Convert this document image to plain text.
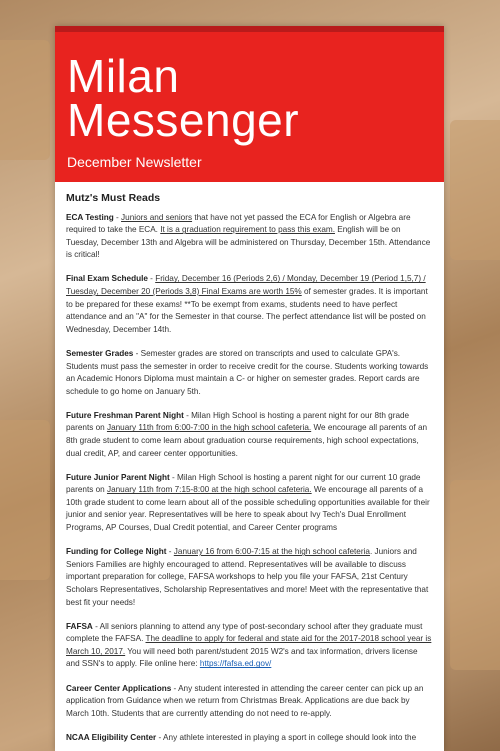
Milan
Messenger
December Newsletter
Mutz's Must Reads

ECA Testing - Juniors and seniors that have not yet passed the ECA for English or Algebra are required to take the ECA. It is a graduation requirement to pass this exam. English will be on Tuesday, December 13th and Algebra will be administered on Thursday, December 15th. Attendance is critical!

Final Exam Schedule - Friday, December 16 (Periods 2,6) / Monday, December 19 (Period 1,5,7) / Tuesday, December 20 (Periods 3,8) Final Exams are worth 15% of semester grades. It is important to be prepared for these exams! **To be exempt from exams, students need to have perfect attendance and an "A" for the Semester in that course. The perfect attendance list will be posted on Wednesday, December 14th.

Semester Grades - Semester grades are stored on transcripts and used to calculate GPA's. Students must pass the semester in order to receive credit for the course. Students working towards an Academic Honors Diploma must maintain a C- or higher on semester grades. Report cards are schedule to go home on January 5th.

Future Freshman Parent Night - Milan High School is hosting a parent night for our 8th grade parents on January 11th from 6:00-7:00 in the high school cafeteria. We encourage all parents of an 8th grade student to come learn about graduation course requirements, high school expectations, dual credit, AP, and career center opportunities.

Future Junior Parent Night - Milan High School is hosting a parent night for our current 10 grade parents on January 11th from 7:15-8:00 at the high school cafeteria. We encourage all parents of a 10th grade student to come learn about all of the possible scheduling opportunities available for their junior and senior year. Representatives will be here to speak about Ivy Tech's Dual Enrollment Programs, AP Courses, Dual Credit potential, and Career Center programs

Funding for College Night - January 16 from 6:00-7:15 at the high school cafeteria. Juniors and Seniors Families are highly encouraged to attend. Representatives will be available to discuss important preparation for college, FAFSA workshops to help you file your FAFSA, 21st Century Scholars Representatives, Scholarship Representatives and more! Meet with the representative that best fit your needs!

FAFSA - All seniors planning to attend any type of post-secondary school after they graduate must complete the FAFSA. The deadline to apply for federal and state aid for the 2017-2018 school year is March 10, 2017. You will need both parent/student 2015 W2's and tax information, drivers license and SSN's to apply. File online here: https://fafsa.ed.gov/

Career Center Applications - Any student interested in attending the career center can pick up an application from Guidance when we return from Christmas Break. Applications are due back by March 10th. Students that are currently attending do not need to re-apply.

NCAA Eligibility Center - Any athlete interested in playing a sport in college should look into the
